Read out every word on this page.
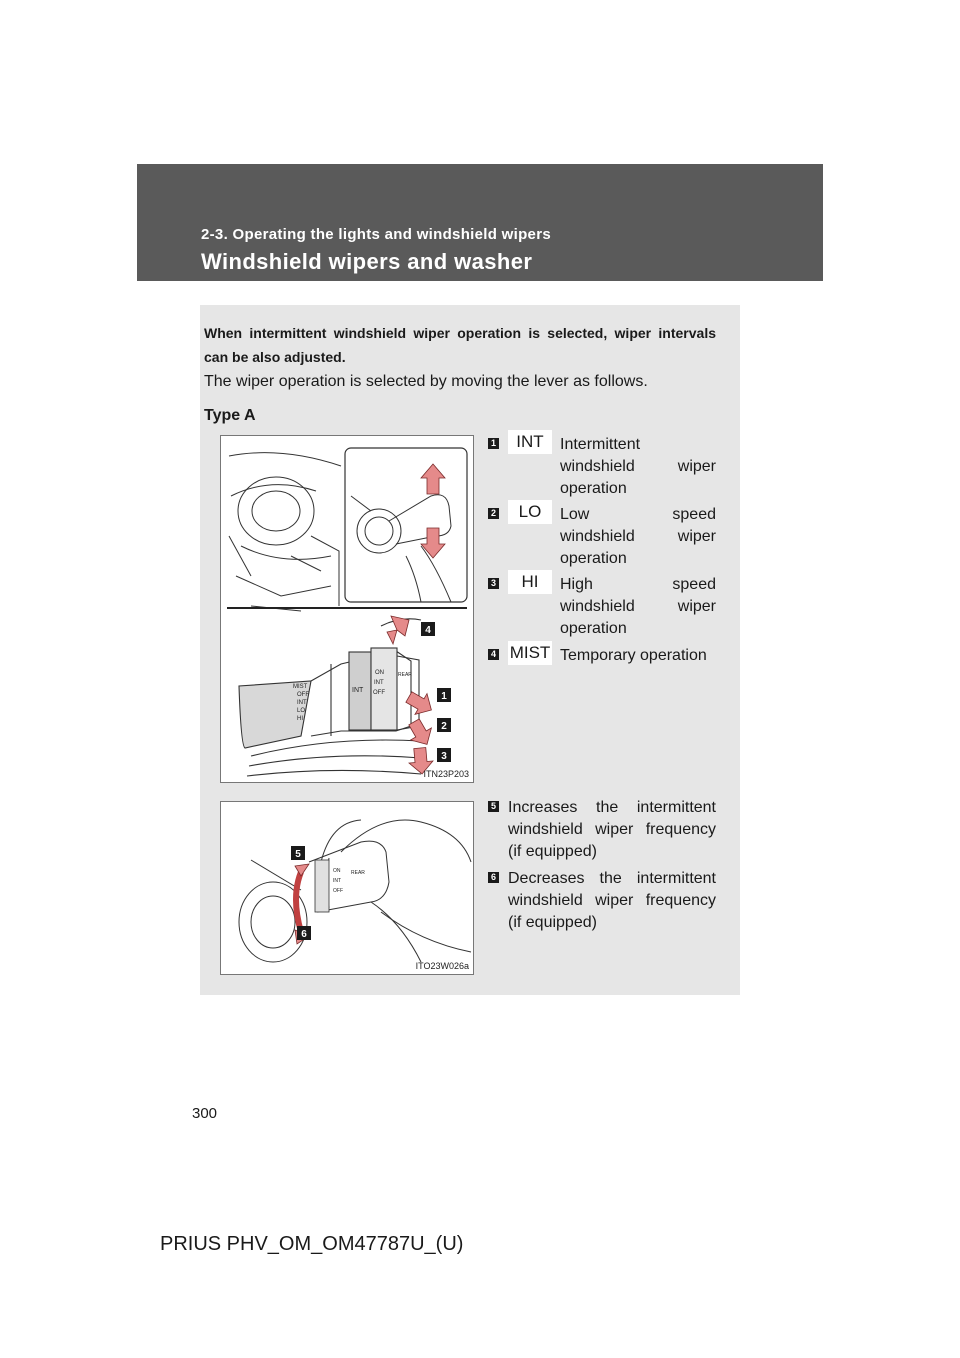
2-3. Operating the lights and windshield wipers
Windshield wipers and washer
When intermittent windshield wiper operation is selected, wiper intervals can be also adjusted.
The wiper operation is selected by moving the lever as follows.
Type A
MIST
OFF
INT
LO
HI
ON
INT
OFF
INT
REAR
4
1
2
3
ITN23P203
ON
INT
OFF
REAR
5
6
ITO23W026a
1	INT	Intermittent windshield wiper operation
2	LO	Low speed windshield wiper operation
3	HI	High speed windshield wiper operation
4 MIST Temporary operation
5 Increases the intermittent windshield wiper frequency (if equipped)
6 Decreases the intermittent windshield wiper frequency (if equipped)
300
PRIUS PHV_OM_OM47787U_(U)
